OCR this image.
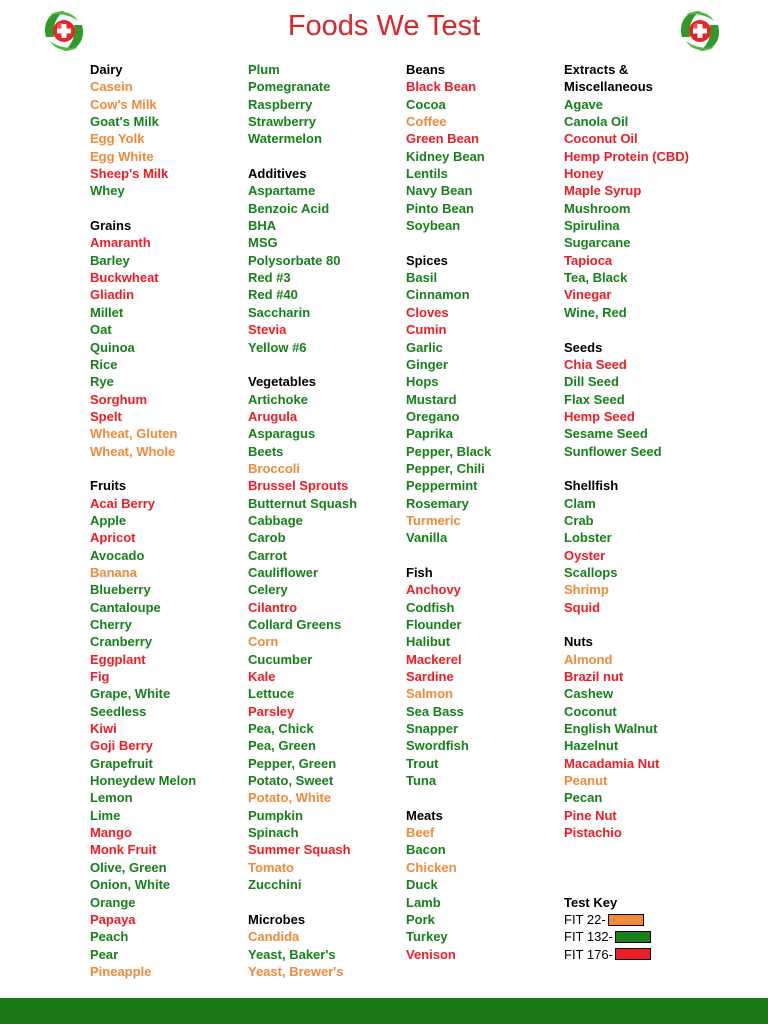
Foods We Test
Dairy
Casein
Cow's Milk
Goat's Milk
Egg Yolk
Egg White
Sheep's Milk
Whey
Grains
Amaranth
Barley
Buckwheat
Gliadin
Millet
Oat
Quinoa
Rice
Rye
Sorghum
Spelt
Wheat, Gluten
Wheat, Whole
Fruits
Acai Berry
Apple
Apricot
Avocado
Banana
Blueberry
Cantaloupe
Cherry
Cranberry
Eggplant
Fig
Grape, White
Seedless
Kiwi
Goji Berry
Grapefruit
Honeydew Melon
Lemon
Lime
Mango
Monk Fruit
Olive, Green
Onion, White
Orange
Papaya
Peach
Pear
Pineapple
Plum
Pomegranate
Raspberry
Strawberry
Watermelon
Additives
Aspartame
Benzoic Acid
BHA
MSG
Polysorbate 80
Red #3
Red #40
Saccharin
Stevia
Yellow #6
Vegetables
Artichoke
Arugula
Asparagus
Beets
Broccoli
Brussel Sprouts
Butternut Squash
Cabbage
Carob
Carrot
Cauliflower
Celery
Cilantro
Collard Greens
Corn
Cucumber
Kale
Lettuce
Parsley
Pea, Chick
Pea, Green
Pepper, Green
Potato, Sweet
Potato, White
Pumpkin
Spinach
Summer Squash
Tomato
Zucchini
Microbes
Candida
Yeast, Baker's
Yeast, Brewer's
Beans
Black Bean
Cocoa
Coffee
Green Bean
Kidney Bean
Lentils
Navy Bean
Pinto Bean
Soybean
Spices
Basil
Cinnamon
Cloves
Cumin
Garlic
Ginger
Hops
Mustard
Oregano
Paprika
Pepper, Black
Pepper, Chili
Peppermint
Rosemary
Turmeric
Vanilla
Fish
Anchovy
Codfish
Flounder
Halibut
Mackerel
Sardine
Salmon
Sea Bass
Snapper
Swordfish
Trout
Tuna
Meats
Beef
Bacon
Chicken
Duck
Lamb
Pork
Turkey
Venison
Extracts &
Miscellaneous
Agave
Canola Oil
Coconut Oil
Hemp Protein (CBD)
Honey
Maple Syrup
Mushroom
Spirulina
Sugarcane
Tapioca
Tea, Black
Vinegar
Wine, Red
Seeds
Chia Seed
Dill Seed
Flax Seed
Hemp Seed
Sesame Seed
Sunflower Seed
Shellfish
Clam
Crab
Lobster
Oyster
Scallops
Shrimp
Squid
Nuts
Almond
Brazil nut
Cashew
Coconut
English Walnut
Hazelnut
Macadamia Nut
Peanut
Pecan
Pine Nut
Pistachio
Test Key
FIT 22-
FIT 132-
FIT 176-
